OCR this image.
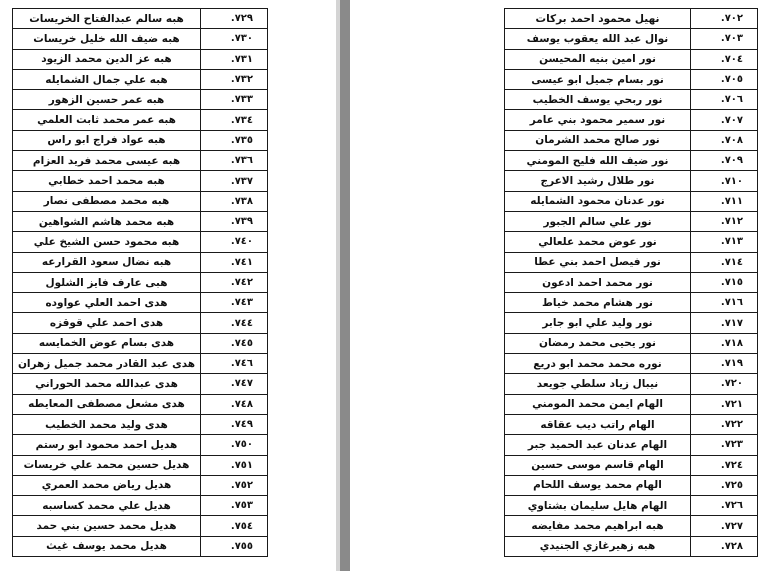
٧٢٩.	هبه سالم عبدالفتاح الخريسات
٧٣٠.	هبه ضيف الله خليل خريسات
٧٣١.	هبه عز الدين محمد الزيود
٧٣٢.	هبه علي جمال الشمايله
٧٣٣.	هبه عمر حسين الزهور
٧٣٤.	هبه عمر محمد ثابت العلمي
٧٣٥.	هبه عواد فراج ابو راس
٧٣٦.	هبه عيسى محمد فريد العزام
٧٣٧.	هبه محمد احمد خطابي
٧٣٨.	هبه محمد مصطفى نصار
٧٣٩.	هبه محمد هاشم الشواهين
٧٤٠.	هبه محمود حسن الشيخ علي
٧٤١.	هبه نضال سعود القرارعه
٧٤٢.	هبى عارف فايز الشلول
٧٤٣.	هدى احمد العلي عواوده
٧٤٤.	هدى احمد علي قوقزه
٧٤٥.	هدى بسام عوض الخمايسه
٧٤٦.	هدى عبد القادر محمد جميل زهران
٧٤٧.	هدى عبدالله محمد الحوراني
٧٤٨.	هدى مشعل مصطفى المعايطه
٧٤٩.	هدى وليد محمد الخطيب
٧٥٠.	هديل احمد محمود ابو رستم
٧٥١.	هديل حسين محمد علي خريسات
٧٥٢.	هديل رياض محمد العمري
٧٥٣.	هديل علي محمد كساسبه
٧٥٤.	هديل محمد حسين بني حمد
٧٥٥.	هديل محمد يوسف غيث
٧٠٢.	نهيل محمود احمد بركات
٧٠٣.	نوال عبد الله يعقوب يوسف
٧٠٤.	نور امين بنيه المحيسن
٧٠٥.	نور بسام جميل ابو عيسى
٧٠٦.	نور ربحي يوسف الخطيب
٧٠٧.	نور سمير محمود بني عامر
٧٠٨.	نور صالح محمد الشرمان
٧٠٩.	نور ضيف الله فليح المومني
٧١٠.	نور طلال رشيد الاعرج
٧١١.	نور عدنان محمود الشمايله
٧١٢.	نور علي سالم الجبور
٧١٣.	نور عوض محمد علعالي
٧١٤.	نور فيصل احمد بني عطا
٧١٥.	نور محمد احمد ادعون
٧١٦.	نور هشام محمد خياط
٧١٧.	نور وليد علي ابو جابر
٧١٨.	نور يحيى محمد رمضان
٧١٩.	نوره محمد محمد ابو دريع
٧٢٠.	نيبال زياد سلطي جويعد
٧٢١.	الهام ايمن محمد المومني
٧٢٢.	الهام راتب ديب عقاقه
٧٢٣.	الهام عدنان عبد الحميد جبر
٧٢٤.	الهام قاسم موسى حسين
٧٢٥.	الهام محمد يوسف اللحام
٧٢٦.	الهام هايل سليمان بشتاوي
٧٢٧.	هبه ابراهيم محمد مفايضه
٧٢٨.	هبه زهيرغازي الجنيدي
